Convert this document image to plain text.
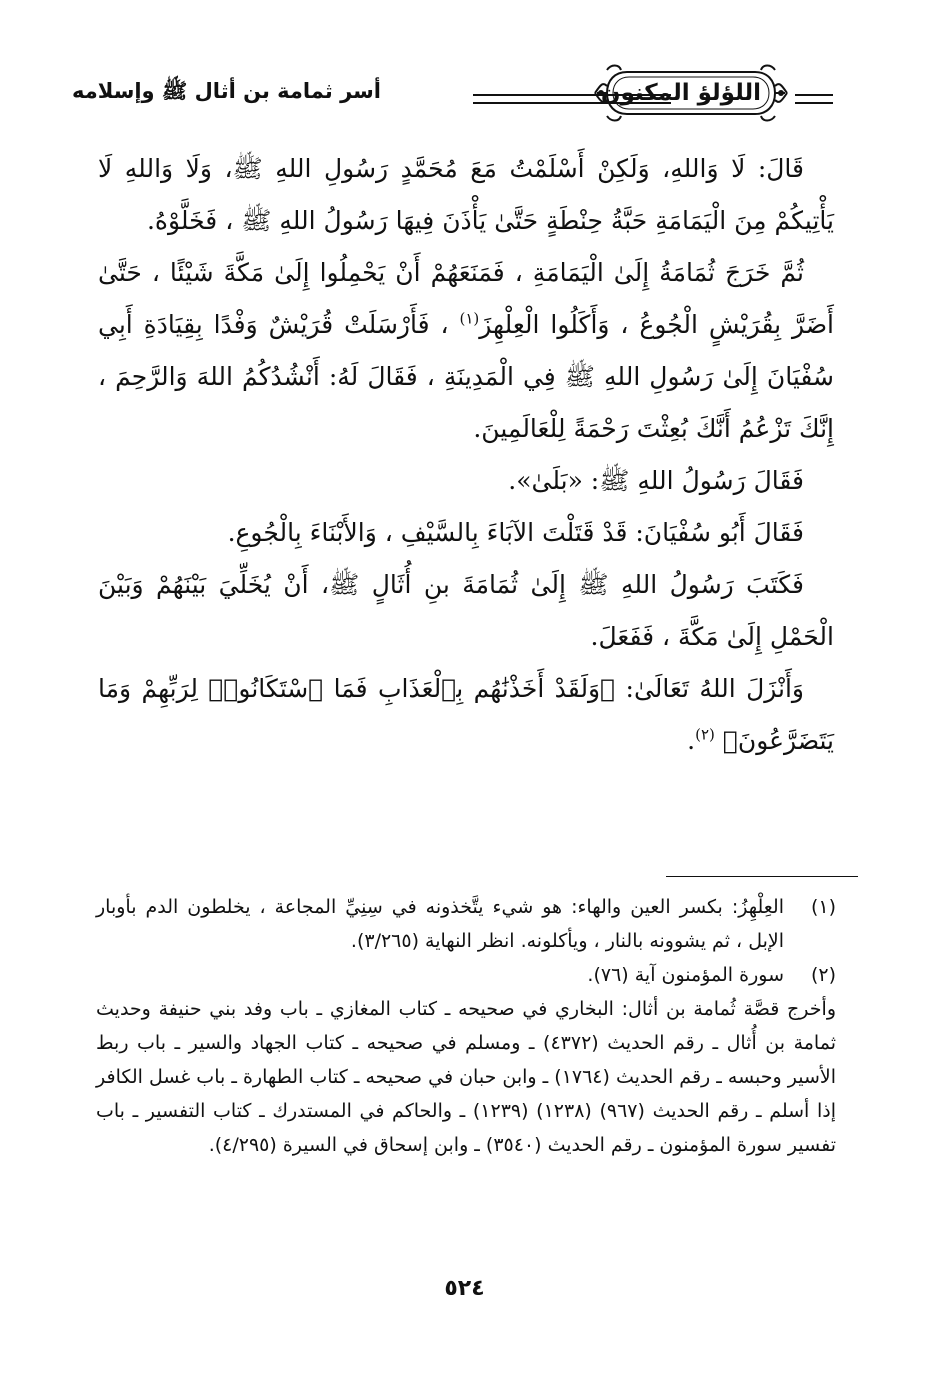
اللؤلؤ المكنون
أسر ثمامة بن أثال ﷺ وإسلامه

قَالَ: لَا وَاللهِ، وَلَكِنْ أَسْلَمْتُ مَعَ مُحَمَّدٍ رَسُولِ اللهِ ﷺ، وَلَا وَاللهِ لَا يَأْتِيكُمْ مِنَ الْيَمَامَةِ حَبَّةُ حِنْطَةٍ حَتَّىٰ يَأْذَنَ فِيهَا رَسُولُ اللهِ ﷺ ، فَخَلَّوْهُ.

ثُمَّ خَرَجَ ثُمَامَةُ إِلَىٰ الْيَمَامَةِ ، فَمَنَعَهُمْ أَنْ يَحْمِلُوا إِلَىٰ مَكَّةَ شَيْئًا ، حَتَّىٰ أَضَرَّ بِقُرَيْشٍ الْجُوعُ ، وَأَكَلُوا الْعِلْهِزَ$^{(١)}$ ، فَأَرْسَلَتْ قُرَيْشٌ وَفْدًا بِقِيَادَةِ أَبِي سُفْيَانَ إِلَىٰ رَسُولِ اللهِ ﷺ فِي الْمَدِينَةِ ، فَقَالَ لَهُ: أَنْشُدُكُمُ اللهَ وَالرَّحِمَ ، إِنَّكَ تَزْعُمُ أَنَّكَ بُعِثْتَ رَحْمَةً لِلْعَالَمِينَ.

فَقَالَ رَسُولُ اللهِ ﷺ: «بَلَىٰ».

فَقَالَ أَبُو سُفْيَانَ: قَدْ قَتَلْتَ الآبَاءَ بِالسَّيْفِ ، وَالأَبْنَاءَ بِالْجُوعِ.

فَكَتَبَ رَسُولُ اللهِ ﷺ إِلَىٰ ثُمَامَةَ بنِ أُثَالٍ ﷺ، أَنْ يُخَلِّيَ بَيْنَهُمْ وَبَيْنَ الْحَمْلِ إِلَىٰ مَكَّةَ ، فَفَعَلَ.

وَأَنْزَلَ اللهُ تَعَالَىٰ: ﴿وَلَقَدْ أَخَذْنَٰهُم بِٱلْعَذَابِ فَمَا ٱسْتَكَانُوا۟ لِرَبِّهِمْ وَمَا يَتَضَرَّعُونَ﴾ $^{(٢)}$.

(١)
العِلْهِزُ: بكسر العين والهاء: هو شيء يتَّخذونه في سِنِيِّ المجاعة ، يخلطون الدم بأوبار الإبل ، ثم يشوونه بالنار ، ويأكلونه. انظر النهاية (٣/٢٦٥).
(٢)
سورة المؤمنون آية (٧٦).

وأخرج قصَّة ثُمامة بن أثال: البخاري في صحيحه ـ كتاب المغازي ـ باب وفد بني حنيفة وحديث ثمامة بن أُثال ـ رقم الحديث (٤٣٧٢) ـ ومسلم في صحيحه ـ كتاب الجهاد والسير ـ باب ربط الأسير وحبسه ـ رقم الحديث (١٧٦٤) ـ وابن حبان في صحيحه ـ كتاب الطهارة ـ باب غسل الكافر إذا أسلم ـ رقم الحديث (٩٦٧) (١٢٣٨) (١٢٣٩) ـ والحاكم في المستدرك ـ كتاب التفسير ـ باب تفسير سورة المؤمنون ـ رقم الحديث (٣٥٤٠) ـ وابن إسحاق في السيرة (٤/٢٩٥).

٥٢٤
